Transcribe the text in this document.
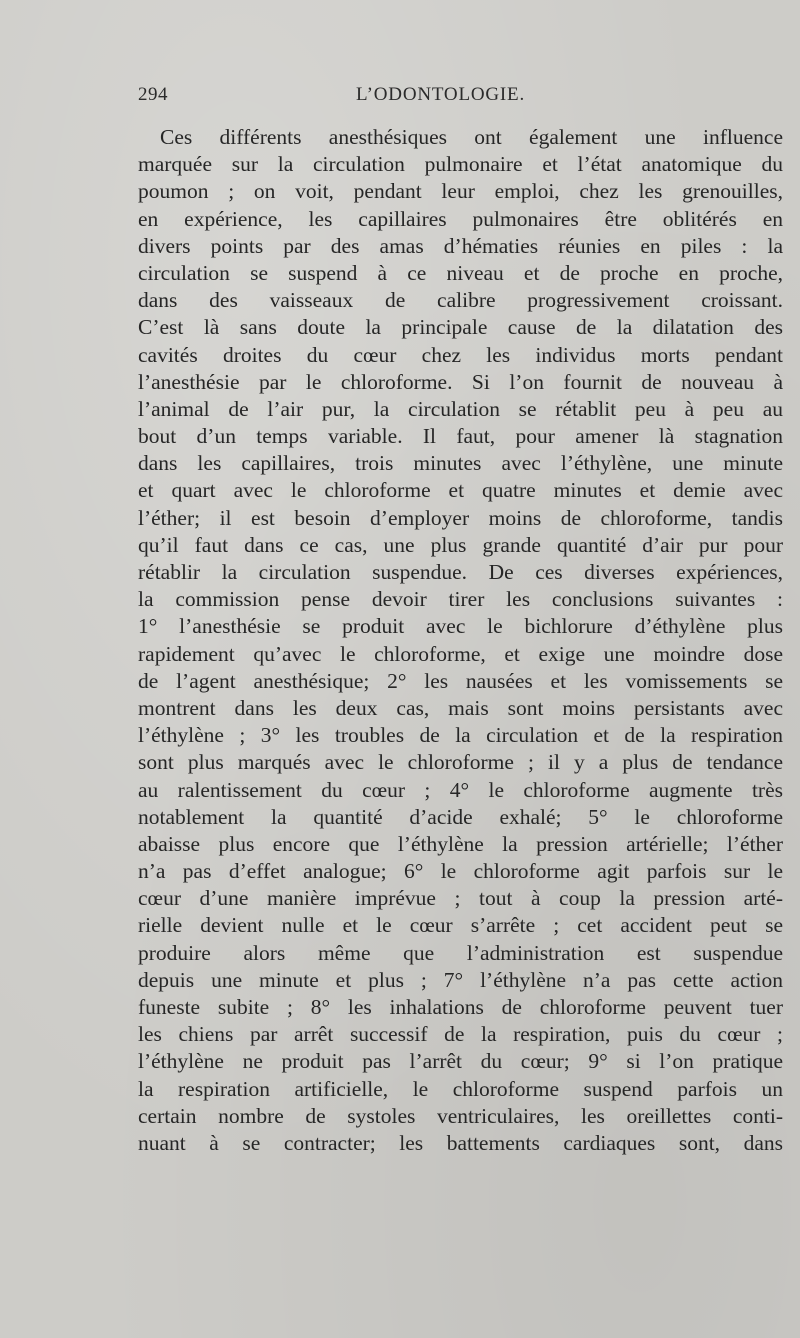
294	L’ODONTOLOGIE.
Ces différents anesthésiques ont également une influence
marquée sur la circulation pulmonaire et l’état anatomique du
poumon ; on voit, pendant leur emploi, chez les grenouilles,
en expérience, les capillaires pulmonaires être oblitérés en
divers points par des amas d’hématies réunies en piles : la
circulation se suspend à ce niveau et de proche en proche,
dans des vaisseaux de calibre progressivement croissant.
C’est là sans doute la principale cause de la dilatation des
cavités droites du cœur chez les individus morts pendant
l’anesthésie par le chloroforme. Si l’on fournit de nouveau à
l’animal de l’air pur, la circulation se rétablit peu à peu au
bout d’un temps variable. Il faut, pour amener là stagnation
dans les capillaires, trois minutes avec l’éthylène, une minute
et quart avec le chloroforme et quatre minutes et demie avec
l’éther; il est besoin d’employer moins de chloroforme, tandis
qu’il faut dans ce cas, une plus grande quantité d’air pur pour
rétablir la circulation suspendue. De ces diverses expériences,
la commission pense devoir tirer les conclusions suivantes :
1° l’anesthésie se produit avec le bichlorure d’éthylène plus
rapidement qu’avec le chloroforme, et exige une moindre dose
de l’agent anesthésique; 2° les nausées et les vomissements se
montrent dans les deux cas, mais sont moins persistants avec
l’éthylène ; 3° les troubles de la circulation et de la respiration
sont plus marqués avec le chloroforme ; il y a plus de tendance
au ralentissement du cœur ; 4° le chloroforme augmente très
notablement la quantité d’acide exhalé; 5° le chloroforme
abaisse plus encore que l’éthylène la pression artérielle; l’éther
n’a pas d’effet analogue; 6° le chloroforme agit parfois sur le
cœur d’une manière imprévue ; tout à coup la pression arté-
rielle devient nulle et le cœur s’arrête ; cet accident peut se
produire alors même que l’administration est suspendue
depuis une minute et plus ; 7° l’éthylène n’a pas cette action
funeste subite ; 8° les inhalations de chloroforme peuvent tuer
les chiens par arrêt successif de la respiration, puis du cœur ;
l’éthylène ne produit pas l’arrêt du cœur; 9° si l’on pratique
la respiration artificielle, le chloroforme suspend parfois un
certain nombre de systoles ventriculaires, les oreillettes conti-
nuant à se contracter; les battements cardiaques sont, dans
